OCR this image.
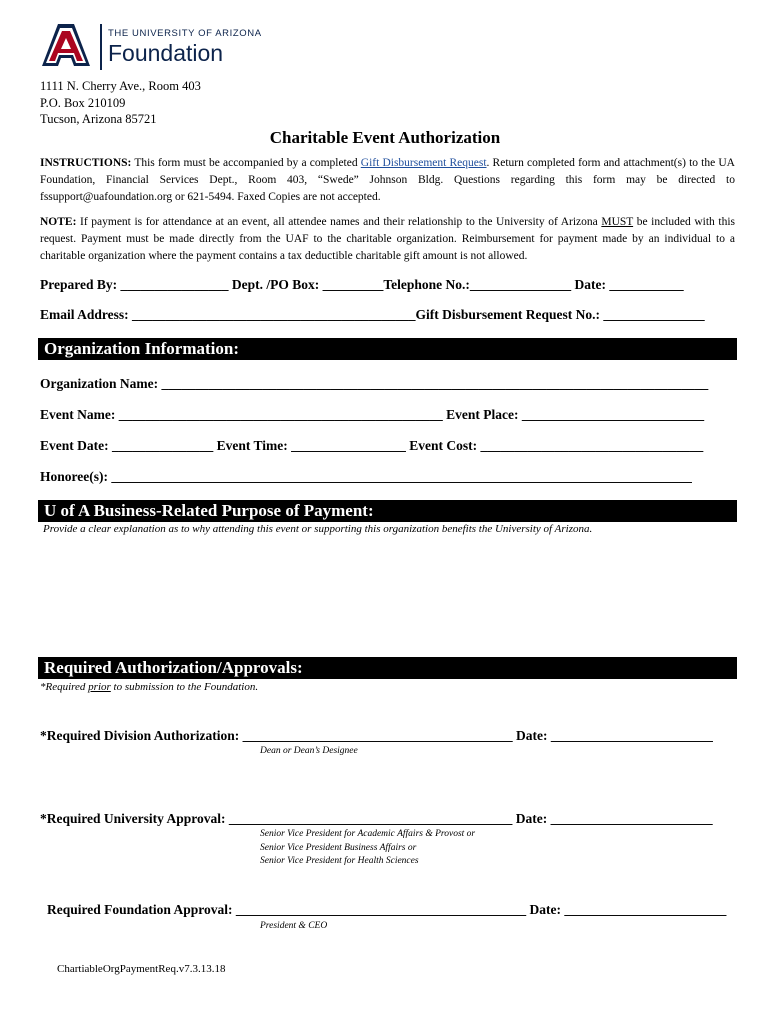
THE UNIVERSITY OF ARIZONA
Foundation
1111 N. Cherry Ave., Room 403
P.O. Box 210109
Tucson, Arizona 85721
Charitable Event Authorization
INSTRUCTIONS: This form must be accompanied by a completed Gift Disbursement Request. Return completed form and attachment(s) to the UA Foundation, Financial Services Dept., Room 403, “Swede” Johnson Bldg. Questions regarding this form may be directed to fssupport@uafoundation.org or 621-5494. Faxed Copies are not accepted.
NOTE: If payment is for attendance at an event, all attendee names and their relationship to the University of Arizona MUST be included with this request. Payment must be made directly from the UAF to the charitable organization. Reimbursement for payment made by an individual to a charitable organization where the payment contains a tax deductible charitable gift amount is not allowed.
Prepared By: ________________ Dept. /PO Box: _________Telephone No.:_______________ Date: ___________
Email Address: __________________________________________Gift Disbursement Request No.: _______________
Organization Information:
Organization Name: _________________________________________________________________________________
Event Name: ________________________________________________ Event Place: ___________________________
Event Date: _______________ Event Time: _________________ Event Cost: _________________________________
Honoree(s): ______________________________________________________________________________________
U of A Business-Related Purpose of Payment:
Provide a clear explanation as to why attending this event or supporting this organization benefits the University of Arizona.
Required Authorization/Approvals:
*Required prior to submission to the Foundation.
*Required Division Authorization: ________________________________________ Date: ________________________
Dean or Dean’s Designee
*Required University Approval: __________________________________________ Date: ________________________
Senior Vice President for Academic Affairs & Provost or
Senior Vice President Business Affairs or
Senior Vice President for Health Sciences
Required Foundation Approval: ___________________________________________ Date: ________________________
President & CEO
ChartiableOrgPaymentReq.v7.3.13.18
